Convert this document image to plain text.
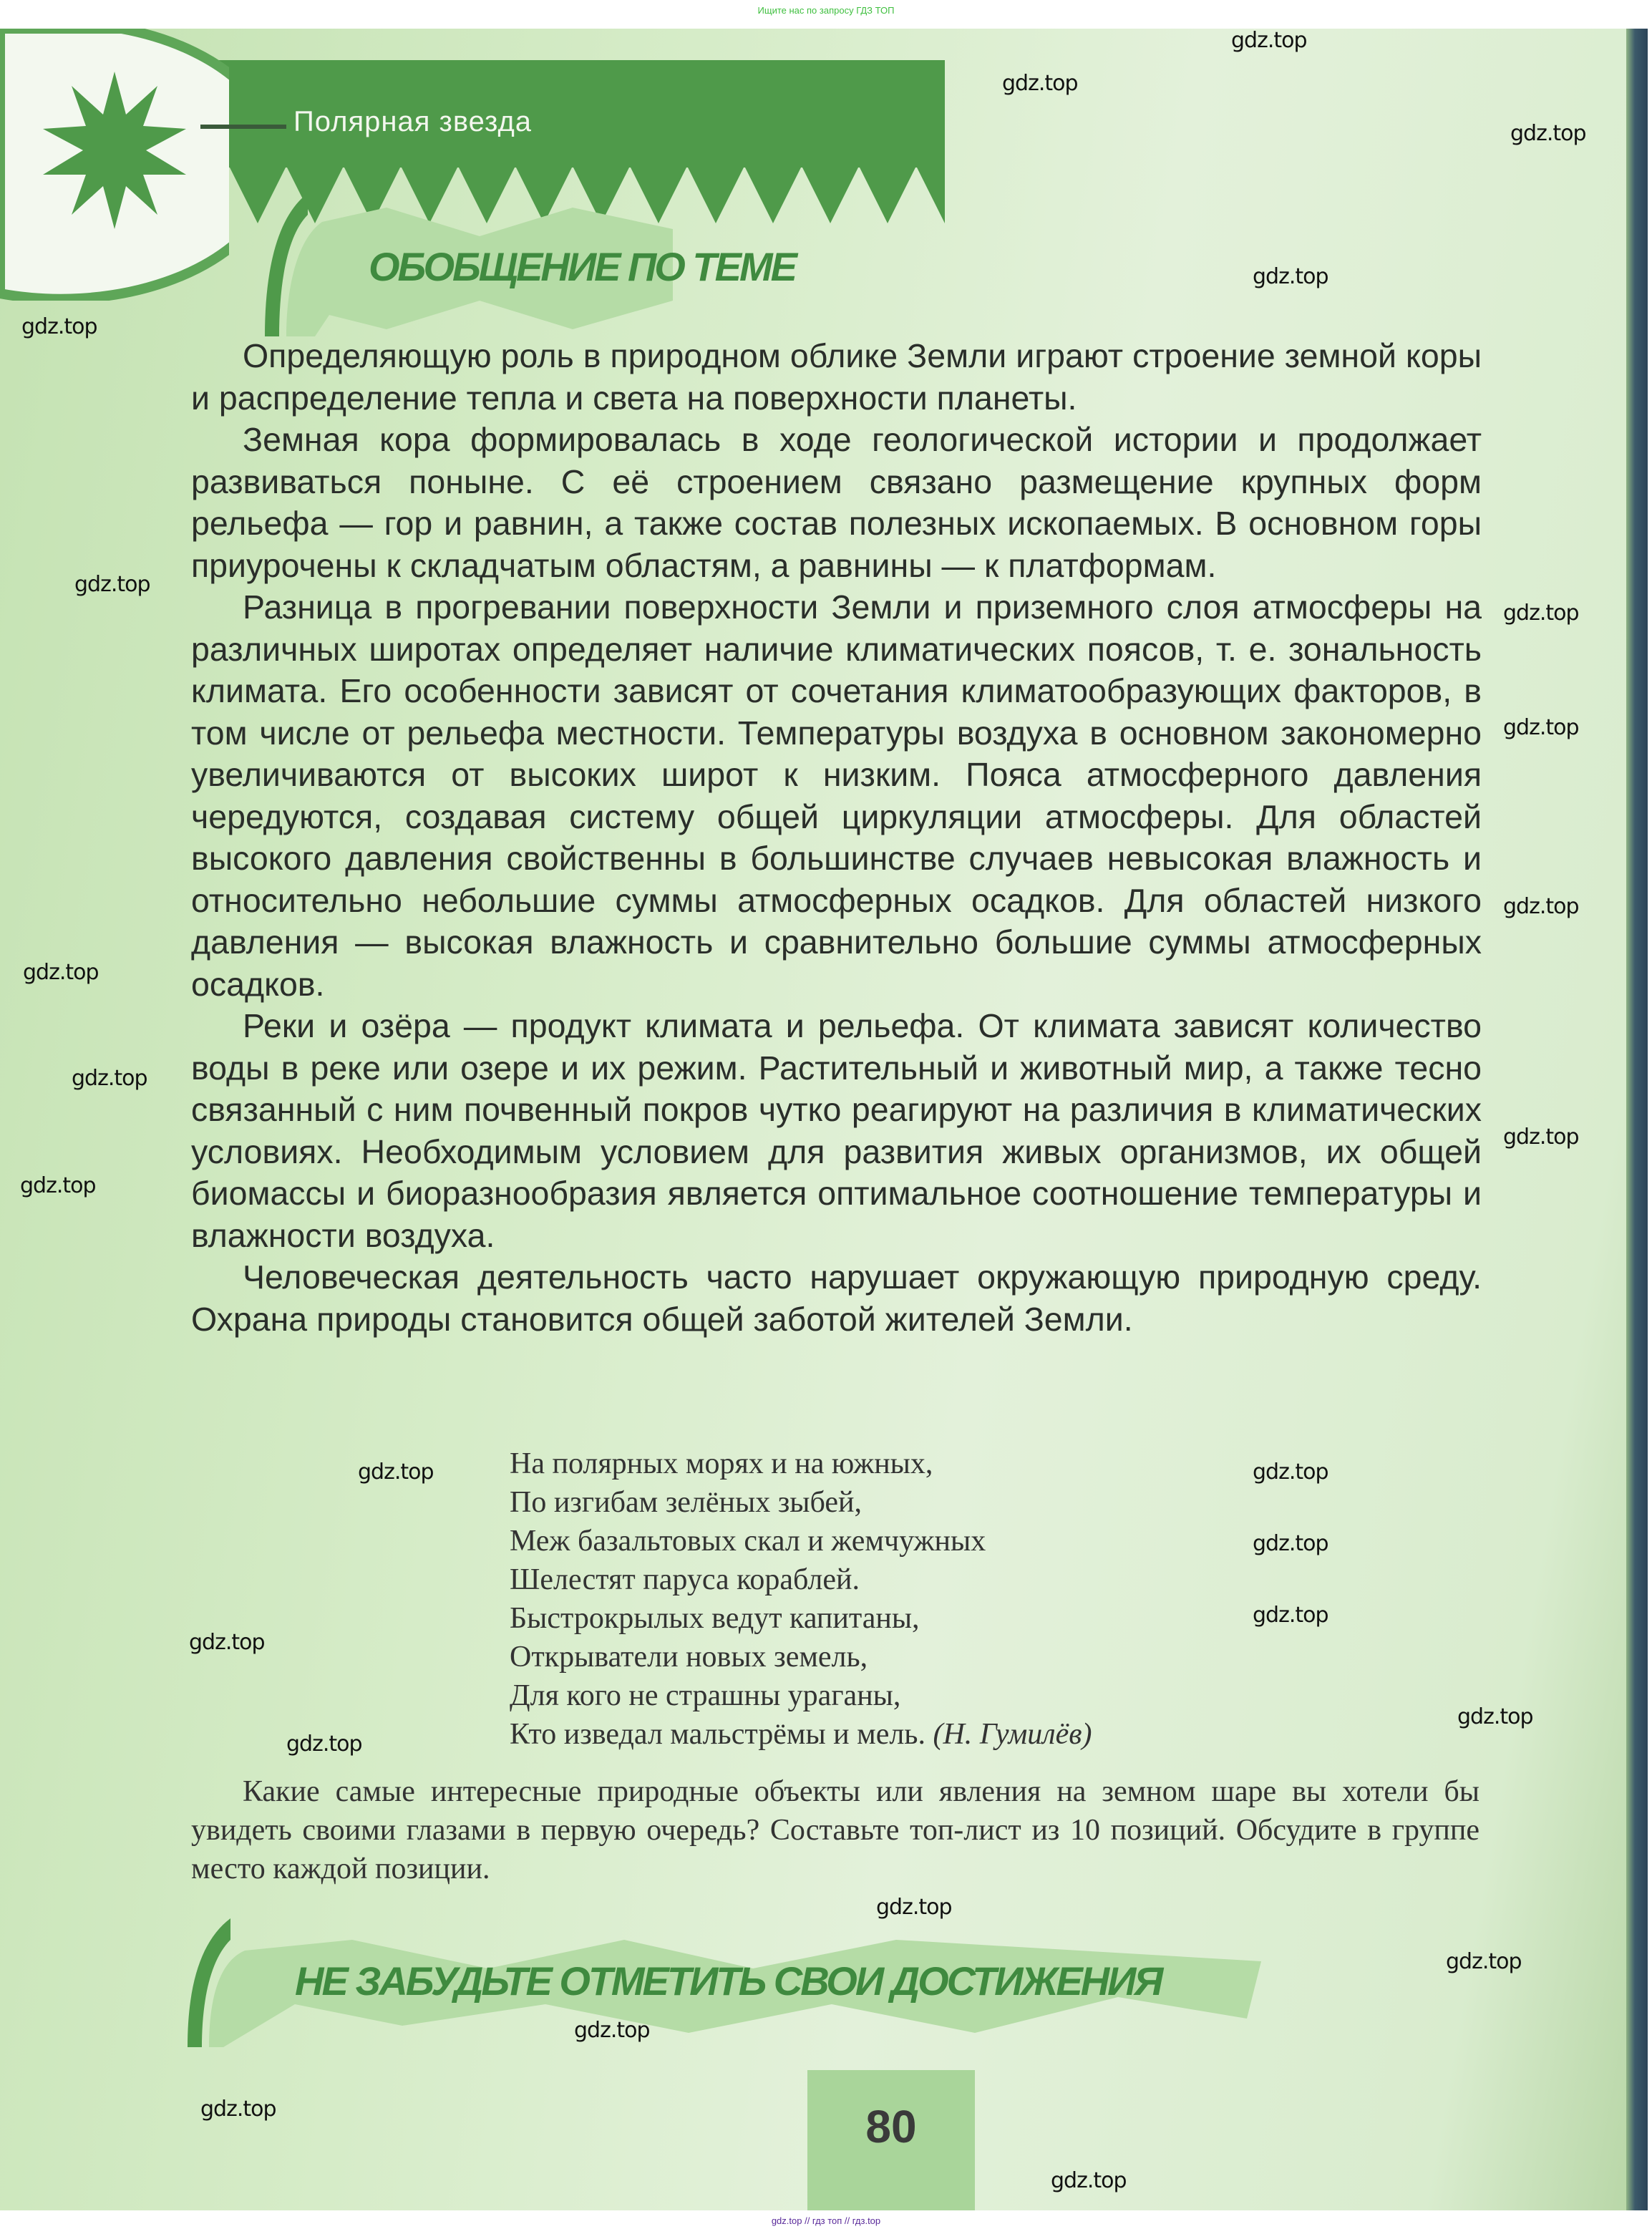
Ищите нас по запросу ГДЗ ТОП
Полярная звезда
ОБОБЩЕНИЕ ПО ТЕМЕ

Определяющую роль в природном облике Земли играют строение земной коры и распределение тепла и света на поверхности планеты.

Земная кора формировалась в ходе геологической истории и продолжает развиваться поныне. С её строением связано размещение крупных форм рельефа — гор и равнин, а также состав полезных ископаемых. В основном горы приурочены к складчатым областям, а равнины — к платформам.

Разница в прогревании поверхности Земли и приземного слоя атмосферы на различных широтах определяет наличие климатических поясов, т. е. зональность климата. Его особенности зависят от сочетания климатообразующих факторов, в том числе от рельефа местности. Температуры воздуха в основном закономерно увеличиваются от высоких широт к низким. Пояса атмосферного давления чередуются, создавая систему общей циркуляции атмосферы. Для областей высокого давления свойственны в большинстве случаев невысокая влажность и относительно небольшие суммы атмосферных осадков. Для областей низкого давления — высокая влажность и сравнительно большие суммы атмосферных осадков.

Реки и озёра — продукт климата и рельефа. От климата зависят количество воды в реке или озере и их режим. Растительный и животный мир, а также тесно связанный с ним почвенный покров чутко реагируют на различия в климатических условиях. Необходимым условием для развития живых организмов, их общей биомассы и биоразнообразия является оптимальное соотношение температуры и влажности воздуха.

Человеческая деятельность часто нарушает окружающую природную среду. Охрана природы становится общей заботой жителей Земли.

На полярных морях и на южных,
По изгибам зелёных зыбей,
Меж базальтовых скал и жемчужных
Шелестят паруса кораблей.
Быстрокрылых ведут капитаны,
Открыватели новых земель,
Для кого не страшны ураганы,
Кто изведал мальстрёмы и мель. (Н. Гумилёв)
Какие самые интересные природные объекты или явления на земном шаре вы хотели бы увидеть своими глазами в первую очередь? Составьте топ-лист из 10 позиций. Обсудите в группе место каждой позиции.
НЕ ЗАБУДЬТЕ ОТМЕТИТЬ СВОИ ДОСТИЖЕНИЯ
80
gdz.top
gdz.top
gdz.top
gdz.top
gdz.top
gdz.top
gdz.top
gdz.top
gdz.top
gdz.top
gdz.top
gdz.top
gdz.top
gdz.top
gdz.top
gdz.top
gdz.top
gdz.top
gdz.top
gdz.top
gdz.top
gdz.top
gdz.top
gdz.top
gdz.top
gdz.top // гдз топ // гдз.top
